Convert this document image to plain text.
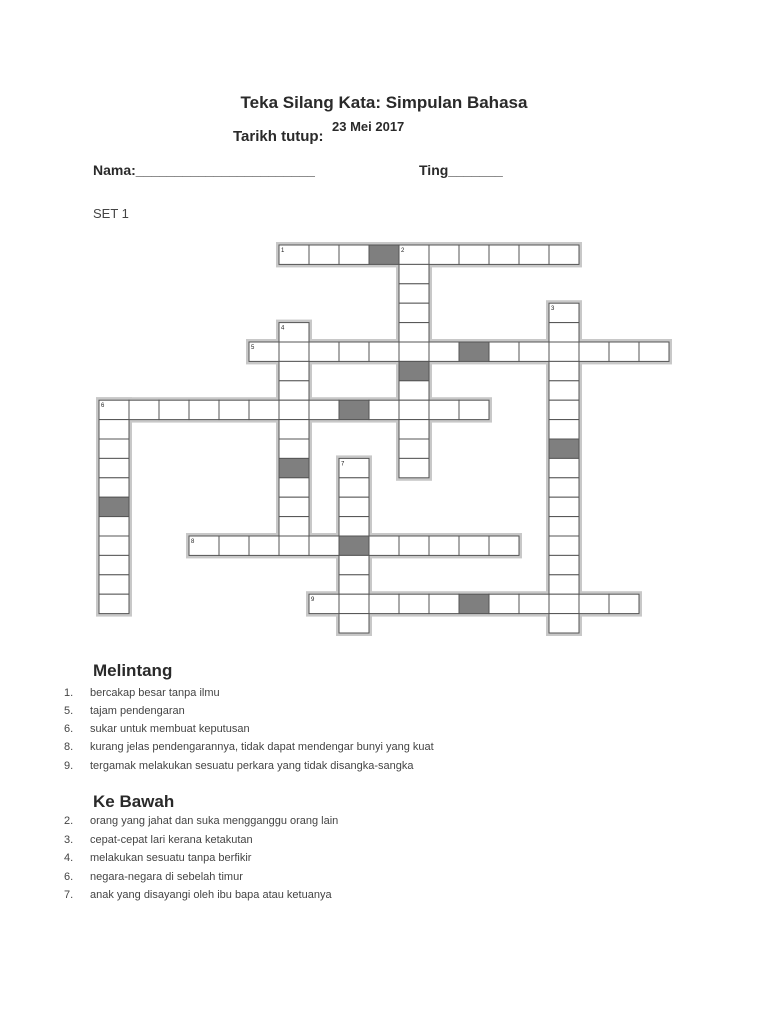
Teka Silang Kata: Simpulan Bahasa
Tarikh tutup:
23 Mei 2017
Nama:_______________________	Ting_______
SET 1
1	2
3
4
5
6
7
8
9
Melintang
1. bercakap besar tanpa ilmu
5. tajam pendengaran
6. sukar untuk membuat keputusan
8. kurang jelas pendengarannya, tidak dapat mendengar bunyi yang kuat
9. tergamak melakukan sesuatu perkara yang tidak disangka-sangka
Ke Bawah
2. orang yang jahat dan suka mengganggu orang lain
3. cepat-cepat lari kerana ketakutan
4. melakukan sesuatu tanpa berfikir
6. negara-negara di sebelah timur
7. anak yang disayangi oleh ibu bapa atau ketuanya
